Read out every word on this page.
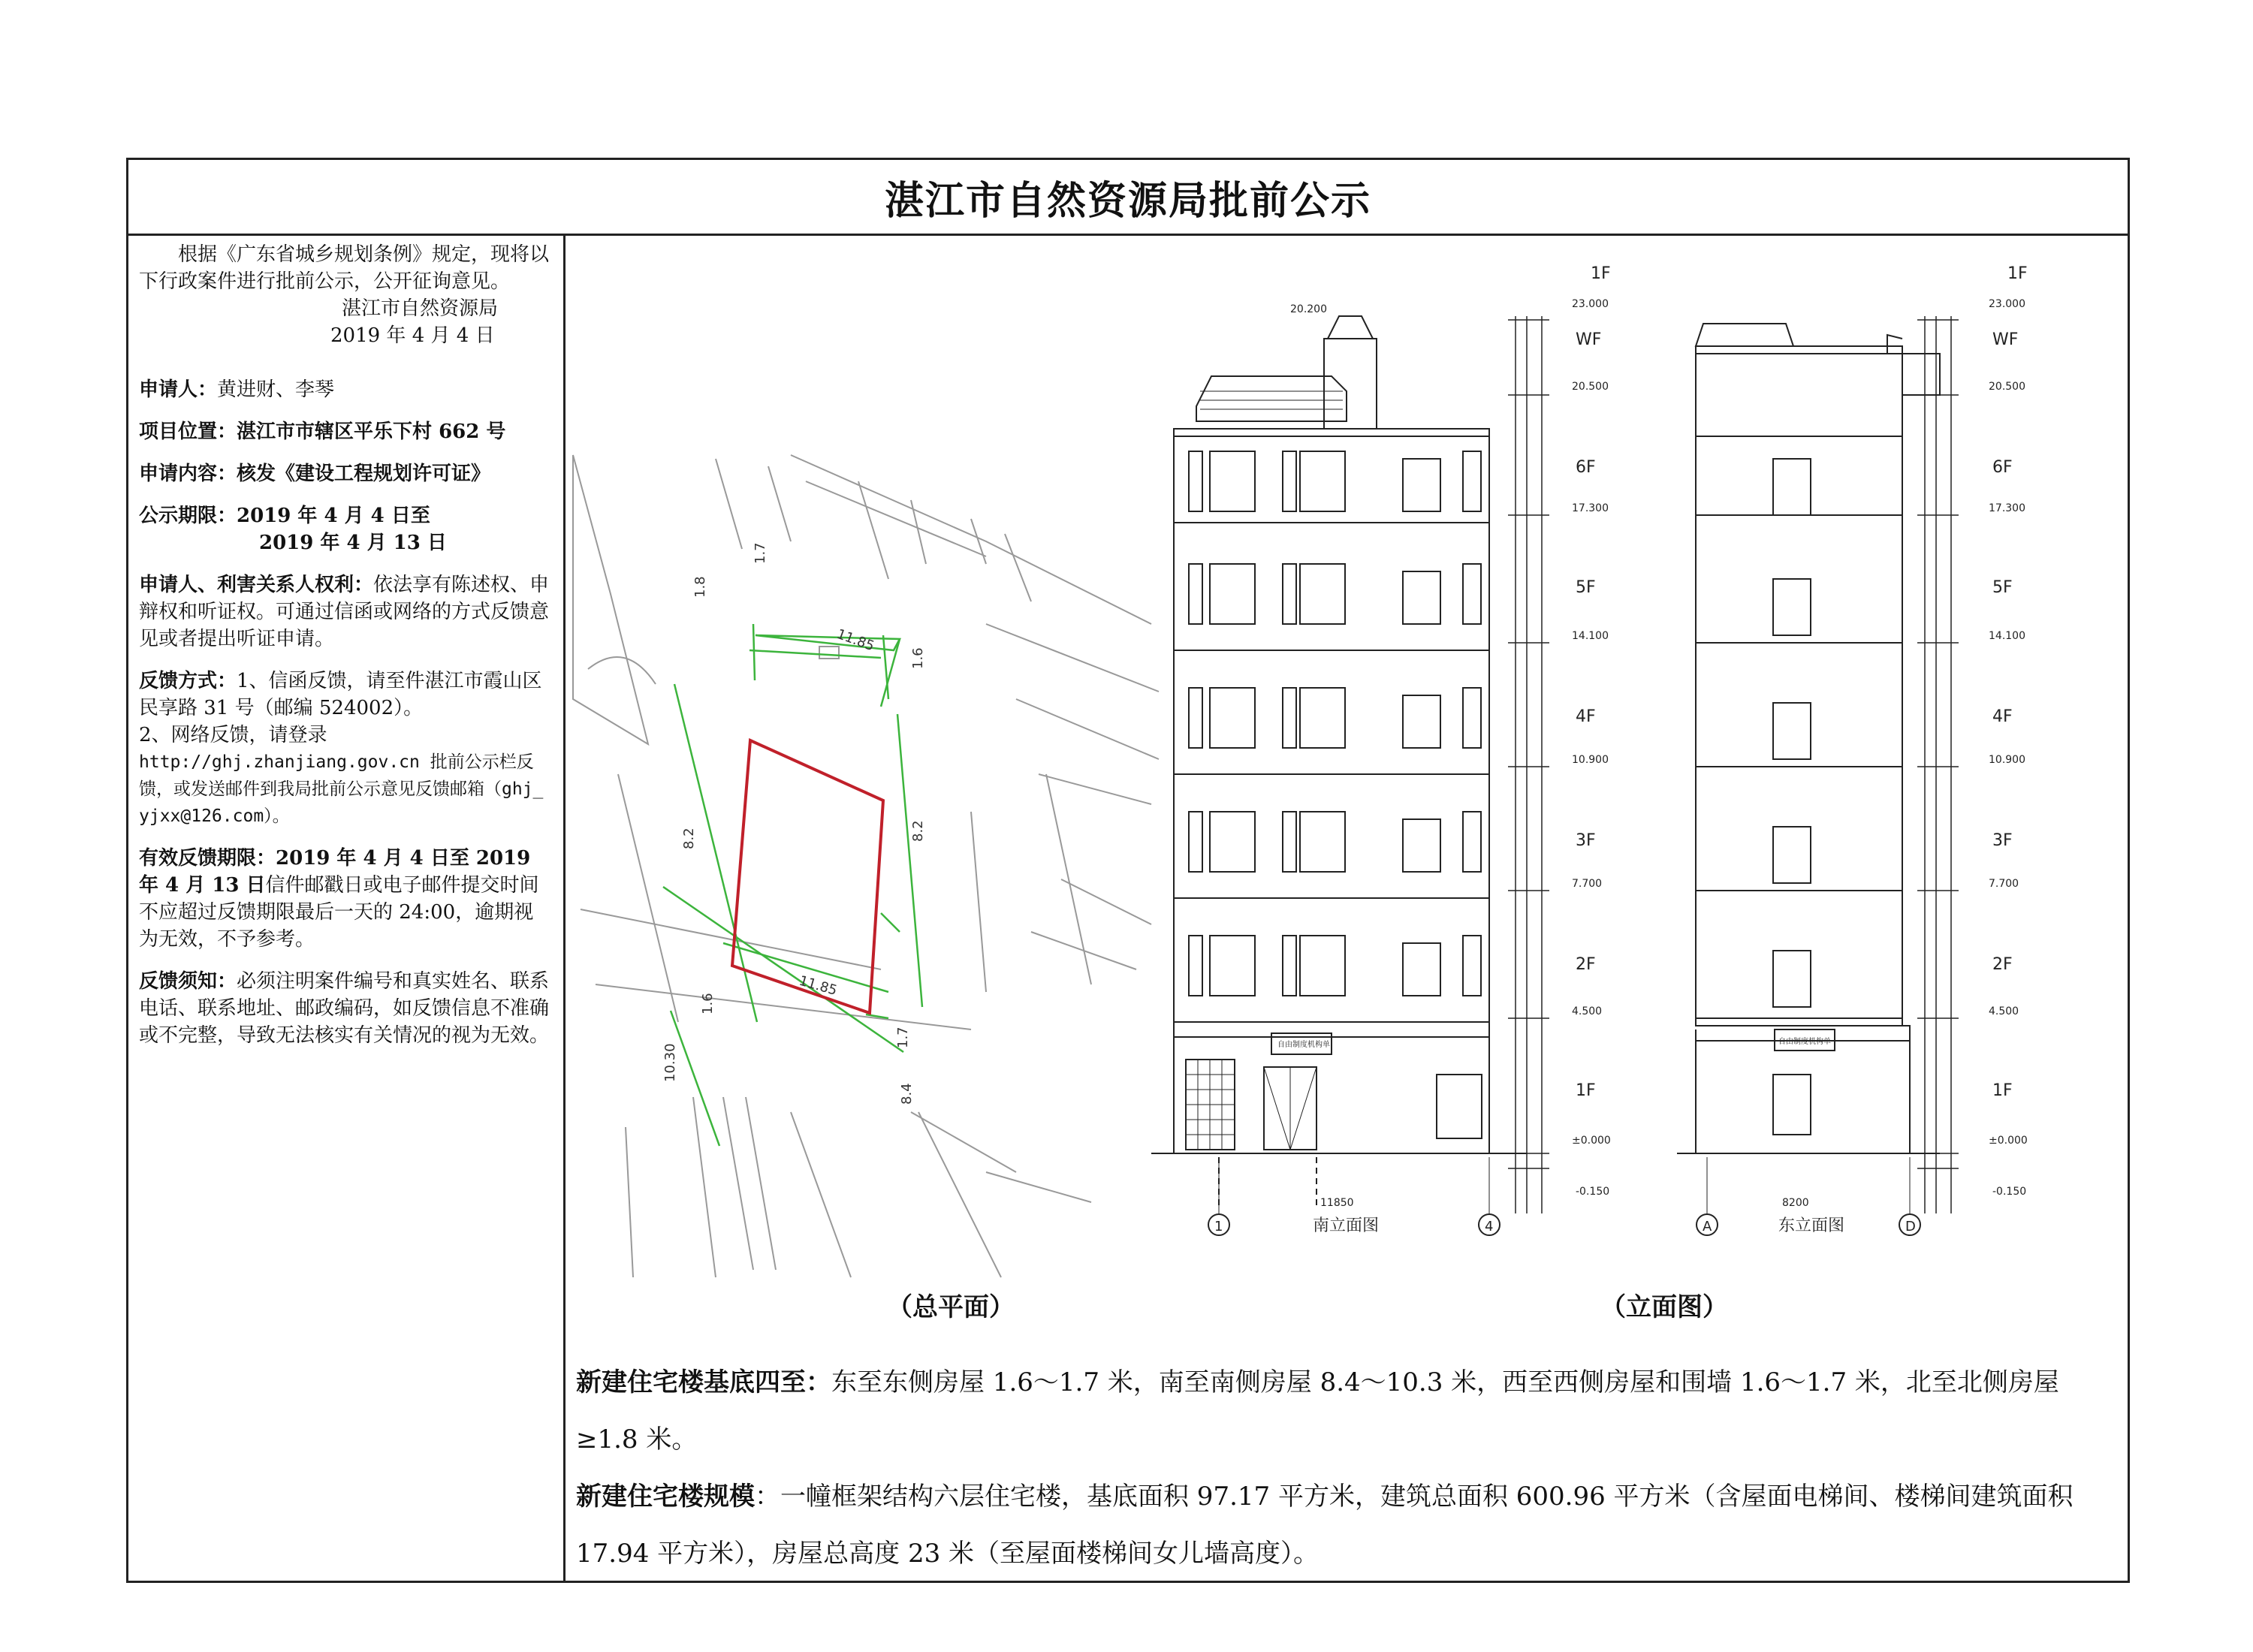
湛江市自然资源局批前公示

根据《广东省城乡规划条例》规定，现将以下行政案件进行批前公示，公开征询意见。

湛江市自然资源局

2019 年 4 月 4 日

申请人：黄进财、李琴

项目位置：湛江市市辖区平乐下村 662 号

申请内容：核发《建设工程规划许可证》

公示期限：2019 年 4 月 4 日至

2019 年 4 月 13 日

申请人、利害关系人权利：依法享有陈述权、申辩权和听证权。可通过信函或网络的方式反馈意见或者提出听证申请。

反馈方式：1、信函反馈，请至件湛江市霞山区民享路 31 号（邮编 524002）。

2、网络反馈，请登录

http://ghj.zhanjiang.gov.cn 批前公示栏反馈，或发送邮件到我局批前公示意见反馈邮箱（ghj_yjxx@126.com）。

有效反馈期限：2019 年 4 月 4 日至 2019 年 4 月 13 日信件邮戳日或电子邮件提交时间不应超过反馈期限最后一天的 24:00，逾期视为无效，不予参考。

反馈须知：必须注明案件编号和真实姓名、联系电话、联系地址、邮政编码，如反馈信息不准确或不完整，导致无法核实有关情况的视为无效。

11.85
11.85
8.2	8.2
1.8
1.7
1.6
1.6
1.7
10.30
8.4
自由制度机构单
1F
WF
6F
5F
4F
3F
2F
1F
23.000
20.500
17.300
14.100
10.900
7.700
4.500
±0.000
-0.150
20.200
11850
1	4
南立面图
自由制度机构单
1F
WF
6F
5F
4F
3F
2F
1F
23.000
20.500
17.300
14.100
10.900
7.700
4.500
±0.000
-0.150
8200
A	D
东立面图
（总平面）	（立面图）

新建住宅楼基底四至：东至东侧房屋 1.6～1.7 米，南至南侧房屋 8.4～10.3 米，西至西侧房屋和围墙 1.6～1.7 米，北至北侧房屋≥1.8 米。

新建住宅楼规模：一幢框架结构六层住宅楼，基底面积 97.17 平方米，建筑总面积 600.96 平方米（含屋面电梯间、楼梯间建筑面积 17.94 平方米），房屋总高度 23 米（至屋面楼梯间女儿墙高度）。
